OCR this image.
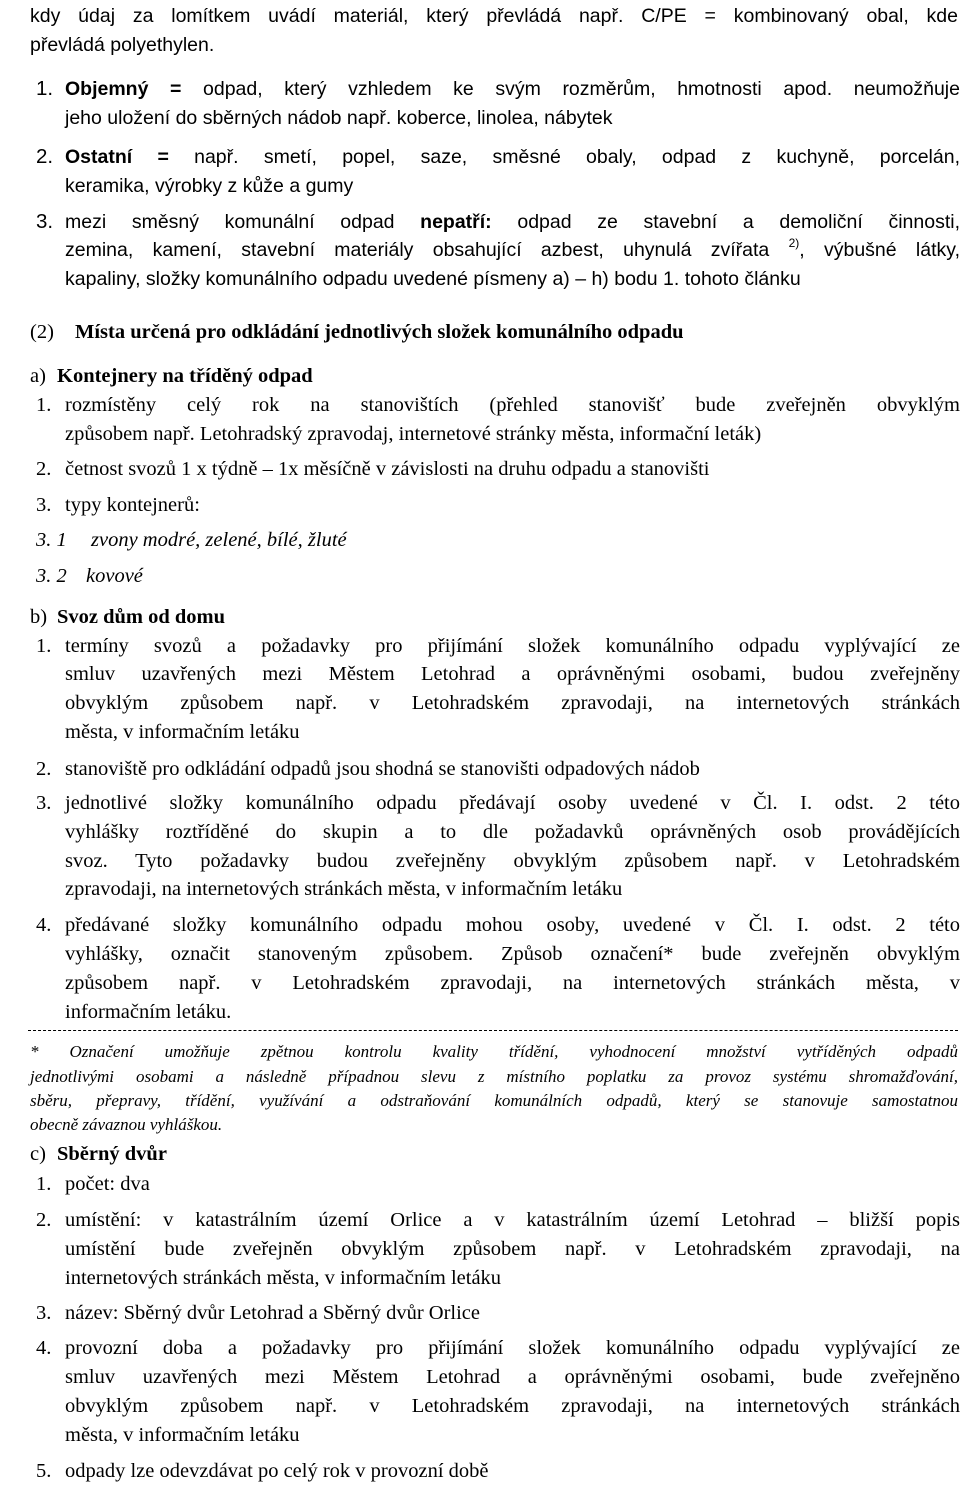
kdy údaj za lomítkem uvádí materiál, který převládá např. C/PE = kombinovaný obal, kde
převládá polyethylen.
1. Objemný = odpad, který vzhledem ke svým rozměrům, hmotnosti apod. neumožňuje
jeho uložení do sběrných nádob např. koberce, linolea, nábytek
2. Ostatní = např. smetí, popel, saze, směsné obaly, odpad z kuchyně, porcelán,
keramika, výrobky z kůže a gumy
3. mezi směsný komunální odpad nepatří: odpad ze stavební a demoliční činnosti,
zemina, kamení, stavební materiály obsahující azbest, uhynulá zvířata $^{2)}$, výbušné látky,
kapaliny, složky komunálního odpadu uvedené písmeny a) – h) bodu 1. tohoto článku
(2) Místa určená pro odkládání jednotlivých složek komunálního odpadu
a) Kontejnery na tříděný odpad
1. rozmístěny celý rok na stanovištích (přehled stanovišť bude zveřejněn obvyklým
způsobem např. Letohradský zpravodaj, internetové stránky města, informační leták)
2. četnost svozů 1 x týdně – 1x měsíčně v závislosti na druhu odpadu a stanovišti
3. typy kontejnerů:
3. 1 zvony modré, zelené, bílé, žluté
3. 2 kovové
b) Svoz dům od domu
1. termíny svozů a požadavky pro přijímání složek komunálního odpadu vyplývající ze
smluv uzavřených mezi Městem Letohrad a oprávněnými osobami, budou zveřejněny
obvyklým způsobem např. v Letohradském zpravodaji, na internetových stránkách
města, v informačním letáku
2. stanoviště pro odkládání odpadů jsou shodná se stanovišti odpadových nádob
3. jednotlivé složky komunálního odpadu předávají osoby uvedené v Čl. I. odst. 2 této
vyhlášky roztříděné do skupin a to dle požadavků oprávněných osob provádějících
svoz. Tyto požadavky budou zveřejněny obvyklým způsobem např. v Letohradském
zpravodaji, na internetových stránkách města, v informačním letáku
4. předávané složky komunálního odpadu mohou osoby, uvedené v Čl. I. odst. 2 této
vyhlášky, označit stanoveným způsobem. Způsob označení* bude zveřejněn obvyklým
způsobem např. v Letohradském zpravodaji, na internetových stránkách města, v
informačním letáku.
* Označení umožňuje zpětnou kontrolu kvality třídění, vyhodnocení množství vytříděných odpadů
jednotlivými osobami a následně případnou slevu z místního poplatku za provoz systému shromažďování,
sběru, přepravy, třídění, využívání a odstraňování komunálních odpadů, který se stanovuje samostatnou
obecně závaznou vyhláškou.
c) Sběrný dvůr
1. počet: dva
2. umístění: v katastrálním území Orlice a v katastrálním území Letohrad – bližší popis
umístění bude zveřejněn obvyklým způsobem např. v Letohradském zpravodaji, na
internetových stránkách města, v informačním letáku
3. název: Sběrný dvůr Letohrad a Sběrný dvůr Orlice
4. provozní doba a požadavky pro přijímání složek komunálního odpadu vyplývající ze
smluv uzavřených mezi Městem Letohrad a oprávněnými osobami, bude zveřejněno
obvyklým způsobem např. v Letohradském zpravodaji, na internetových stránkách
města, v informačním letáku
5. odpady lze odevzdávat po celý rok v provozní době
